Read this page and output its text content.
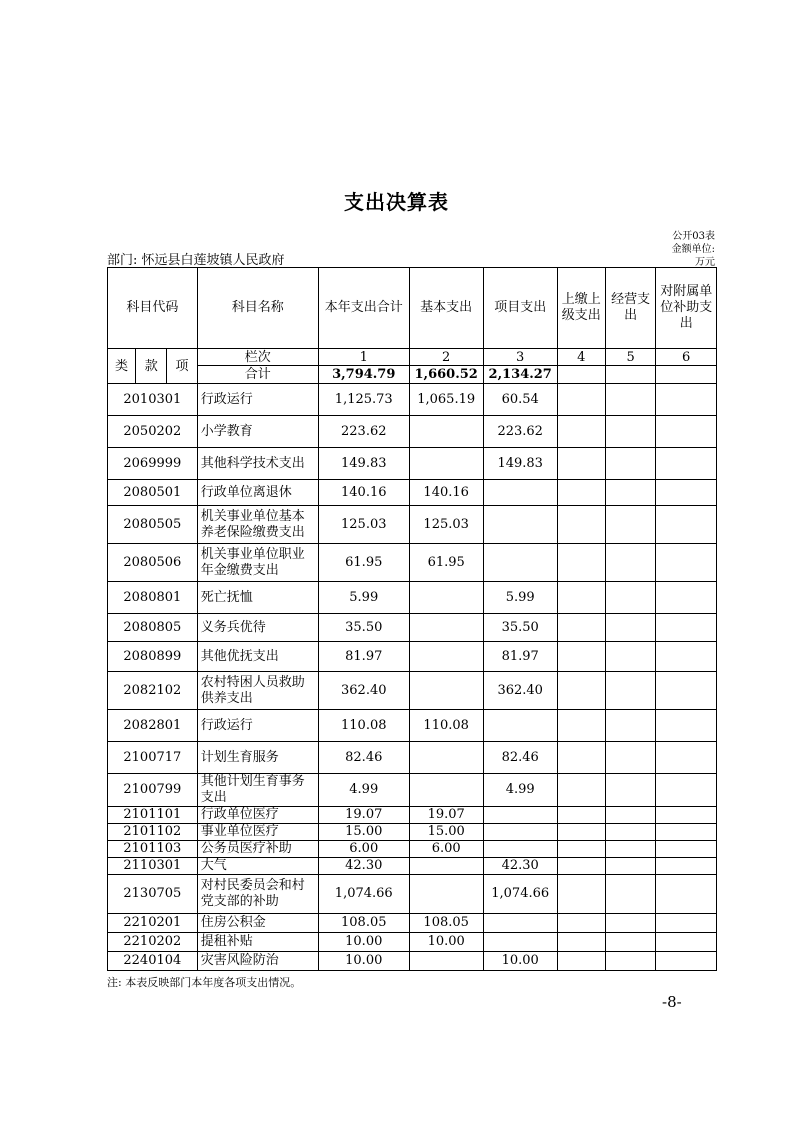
支出决算表
公开03表
金额单位:
万元
部门: 怀远县白莲坡镇人民政府
科目代码			科目名称	本年支出合计	基本支出	项目支出	上缴上级支出	经营支出	对附属单位补助支出
类	款	项	栏次	1	2	3	4	5	6
			合计	3,794.79	1,660.52	2,134.27			
2010301			行政运行	1,125.73	1,065.19	60.54			
2050202			小学教育	223.62		223.62			
2069999			其他科学技术支出	149.83		149.83			
2080501			行政单位离退休	140.16	140.16				
2080505			机关事业单位基本养老保险缴费支出	125.03	125.03				
2080506			机关事业单位职业年金缴费支出	61.95	61.95				
2080801			死亡抚恤	5.99		5.99			
2080805			义务兵优待	35.50		35.50			
2080899			其他优抚支出	81.97		81.97			
2082102			农村特困人员救助供养支出	362.40		362.40			
2082801			行政运行	110.08	110.08				
2100717			计划生育服务	82.46		82.46			
2100799			其他计划生育事务支出	4.99		4.99			
2101101			行政单位医疗	19.07	19.07				
2101102			事业单位医疗	15.00	15.00				
2101103			公务员医疗补助	6.00	6.00				
2110301			大气	42.30		42.30			
2130705			对村民委员会和村党支部的补助	1,074.66		1,074.66			
2210201			住房公积金	108.05	108.05				
2210202			提租补贴	10.00	10.00				
2240104			灾害风险防治	10.00		10.00			
注: 本表反映部门本年度各项支出情况。
-8-
